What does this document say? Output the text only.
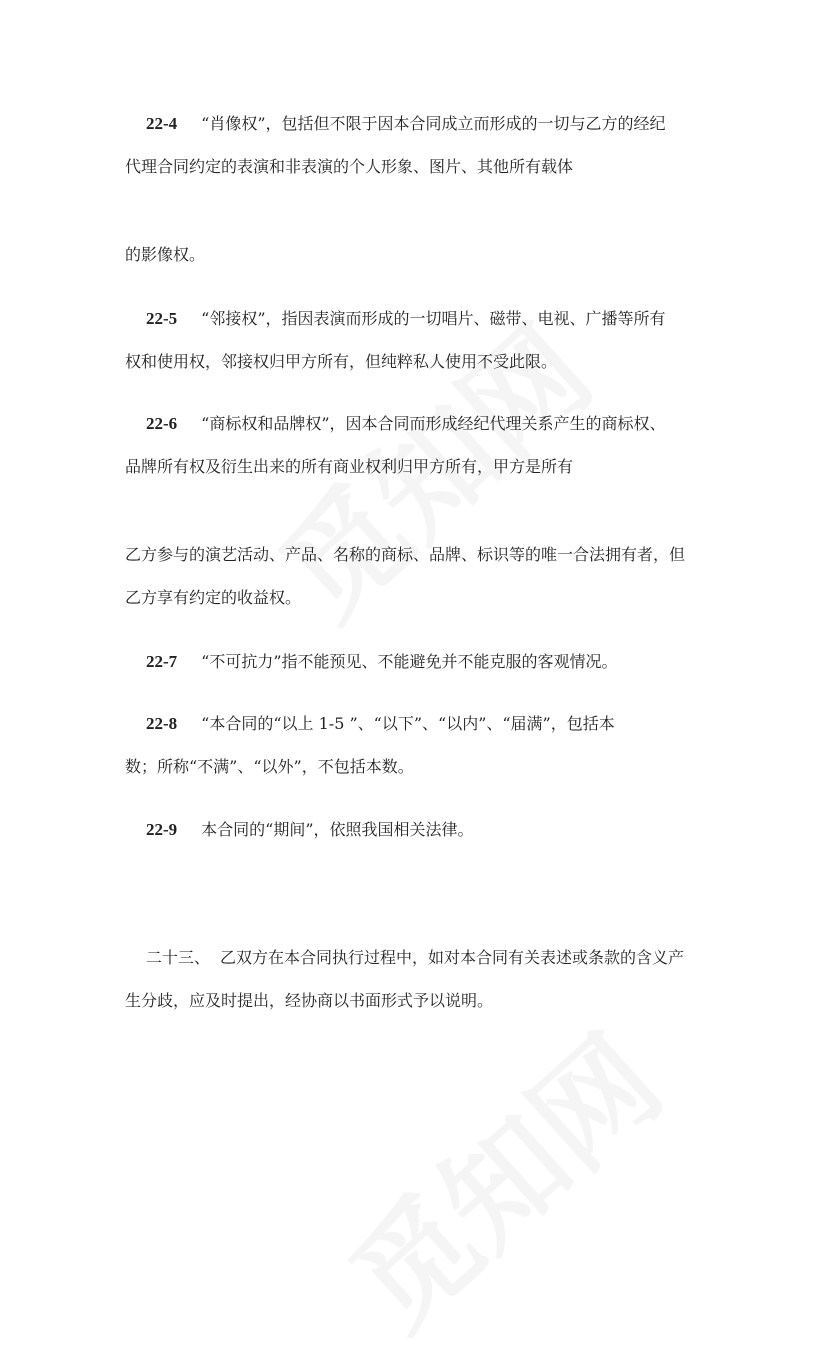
22-4 “肖像权”，包括但不限于因本合同成立而形成的一切与乙方的经纪
代理合同约定的表演和非表演的个人形象、图片、其他所有载体
的影像权。
22-5 “邻接权”，指因表演而形成的一切唱片、磁带、电视、广播等所有
权和使用权，邻接权归甲方所有，但纯粹私人使用不受此限。
22-6 “商标权和品牌权”，因本合同而形成经纪代理关系产生的商标权、
品牌所有权及衍生出来的所有商业权利归甲方所有，甲方是所有
乙方参与的演艺活动、产品、名称的商标、品牌、标识等的唯一合法拥有者，但
乙方享有约定的收益权。
22-7 “不可抗力”指不能预见、不能避免并不能克服的客观情况。
22-8 “本合同的“以上 1-5 ”、“以下”、“以内”、“届满”，包括本
数；所称“不满”、“以外”，不包括本数。
22-9 本合同的“期间”，依照我国相关法律。
二十三、 乙双方在本合同执行过程中，如对本合同有关表述或条款的含义产
生分歧，应及时提出，经协商以书面形式予以说明。
